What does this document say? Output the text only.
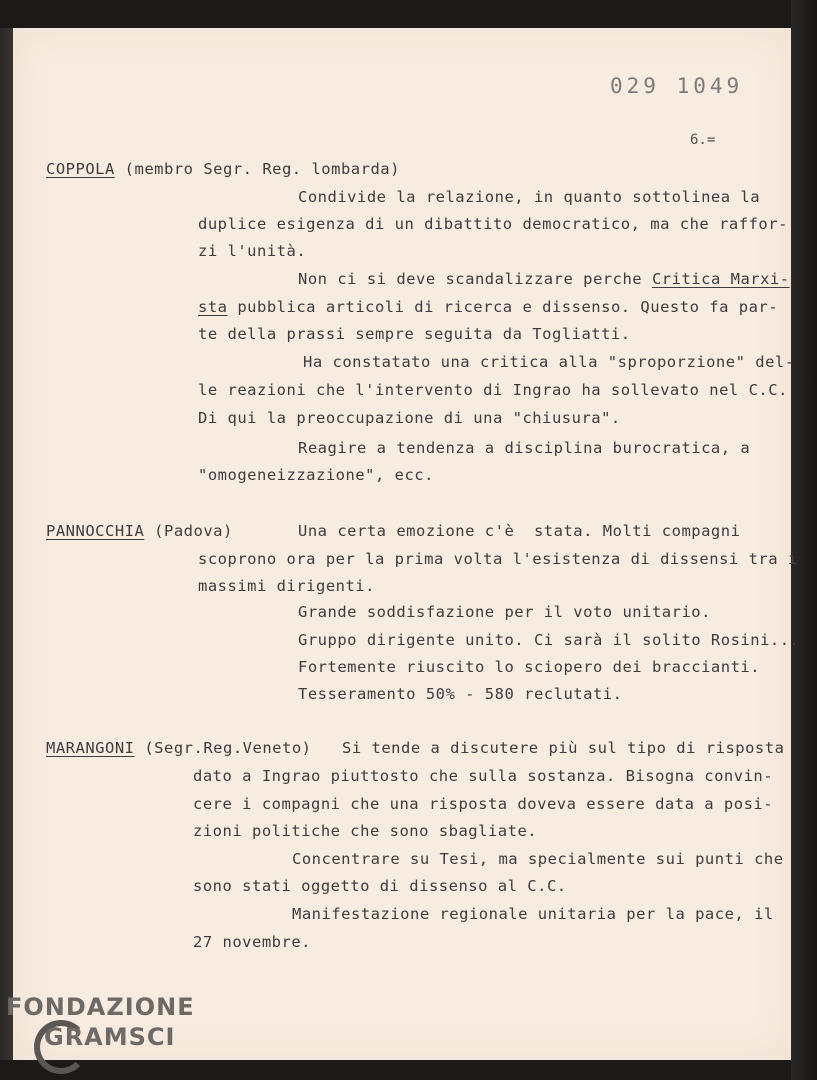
029 1049
6.=
COPPOLA (membro Segr. Reg. lombarda)
Condivide la relazione, in quanto sottolinea la
duplice esigenza di un dibattito democratico, ma che raffor-
zi l'unità.
Non ci si deve scandalizzare perche Critica Marxi-
sta pubblica articoli di ricerca e dissenso. Questo fa par-
te della prassi sempre seguita da Togliatti.
Ha constatato una critica alla "sproporzione" del-
le reazioni che l'intervento di Ingrao ha sollevato nel C.C.
Di qui la preoccupazione di una "chiusura".
Reagire a tendenza a disciplina burocratica, a
"omogeneizzazione", ecc.
PANNOCCHIA (Padova)	Una certa emozione c'è  stata. Molti compagni
scoprono ora per la prima volta l'esistenza di dissensi tra i
massimi dirigenti.
Grande soddisfazione per il voto unitario.
Gruppo dirigente unito. Ci sarà il solito Rosini...
Fortemente riuscito lo sciopero dei braccianti.
Tesseramento 50% - 580 reclutati.
MARANGONI (Segr.Reg.Veneto) Si tende a discutere più sul tipo di risposta
dato a Ingrao piuttosto che sulla sostanza. Bisogna convin-
cere i compagni che una risposta doveva essere data a posi-
zioni politiche che sono sbagliate.
Concentrare su Tesi, ma specialmente sui punti che
sono stati oggetto di dissenso al C.C.
Manifestazione regionale unitaria per la pace, il
27 novembre.
FONDAZIONE
GRAMSCI
